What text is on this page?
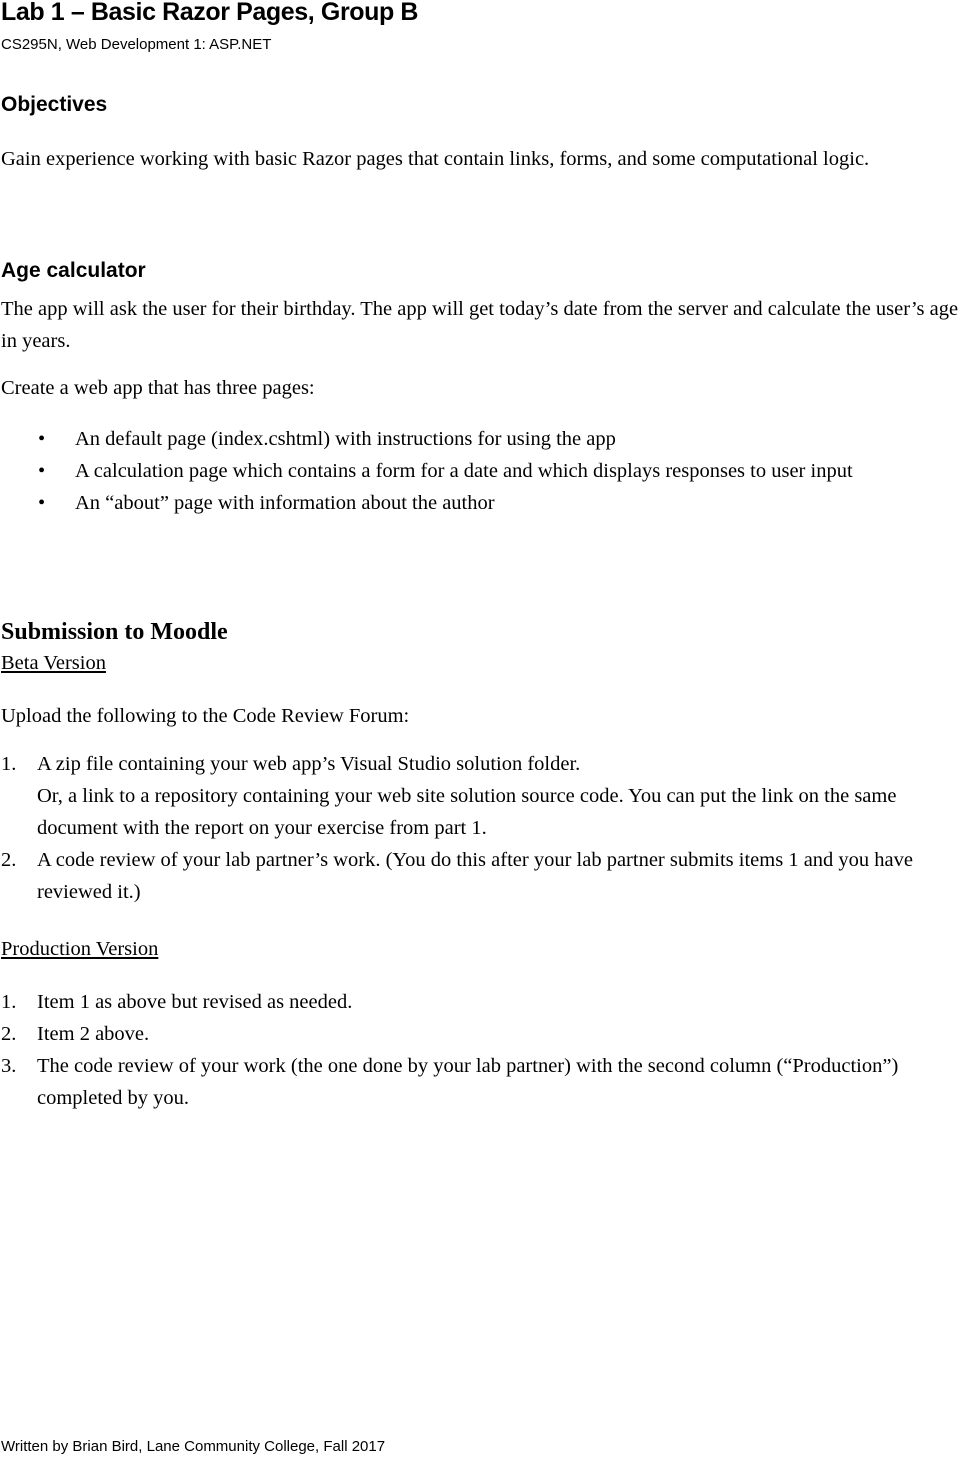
Lab 1 – Basic Razor Pages, Group B
CS295N, Web Development 1: ASP.NET
Objectives

Gain experience working with basic Razor pages that contain links, forms, and some computational logic.

Age calculator

The app will ask the user for their birthday. The app will get today’s date from the server and calculate the user’s age in years.

Create a web app that has three pages:

• An default page (index.cshtml) with instructions for using the app
• A calculation page which contains a form for a date and which displays responses to user input
• An “about” page with information about the author
Submission to Moodle
Beta Version

Upload the following to the Code Review Forum:

1. A zip file containing your web app’s Visual Studio solution folder.
Or, a link to a repository containing your web site solution source code. You can put the link on the same document with the report on your exercise from part 1.
2. A code review of your lab partner’s work. (You do this after your lab partner submits items 1 and you have reviewed it.)
Production Version
1. Item 1 as above but revised as needed.
2. Item 2 above.
3. The code review of your work (the one done by your lab partner) with the second column (“Production”) completed by you.
Written by Brian Bird, Lane Community College, Fall 2017
